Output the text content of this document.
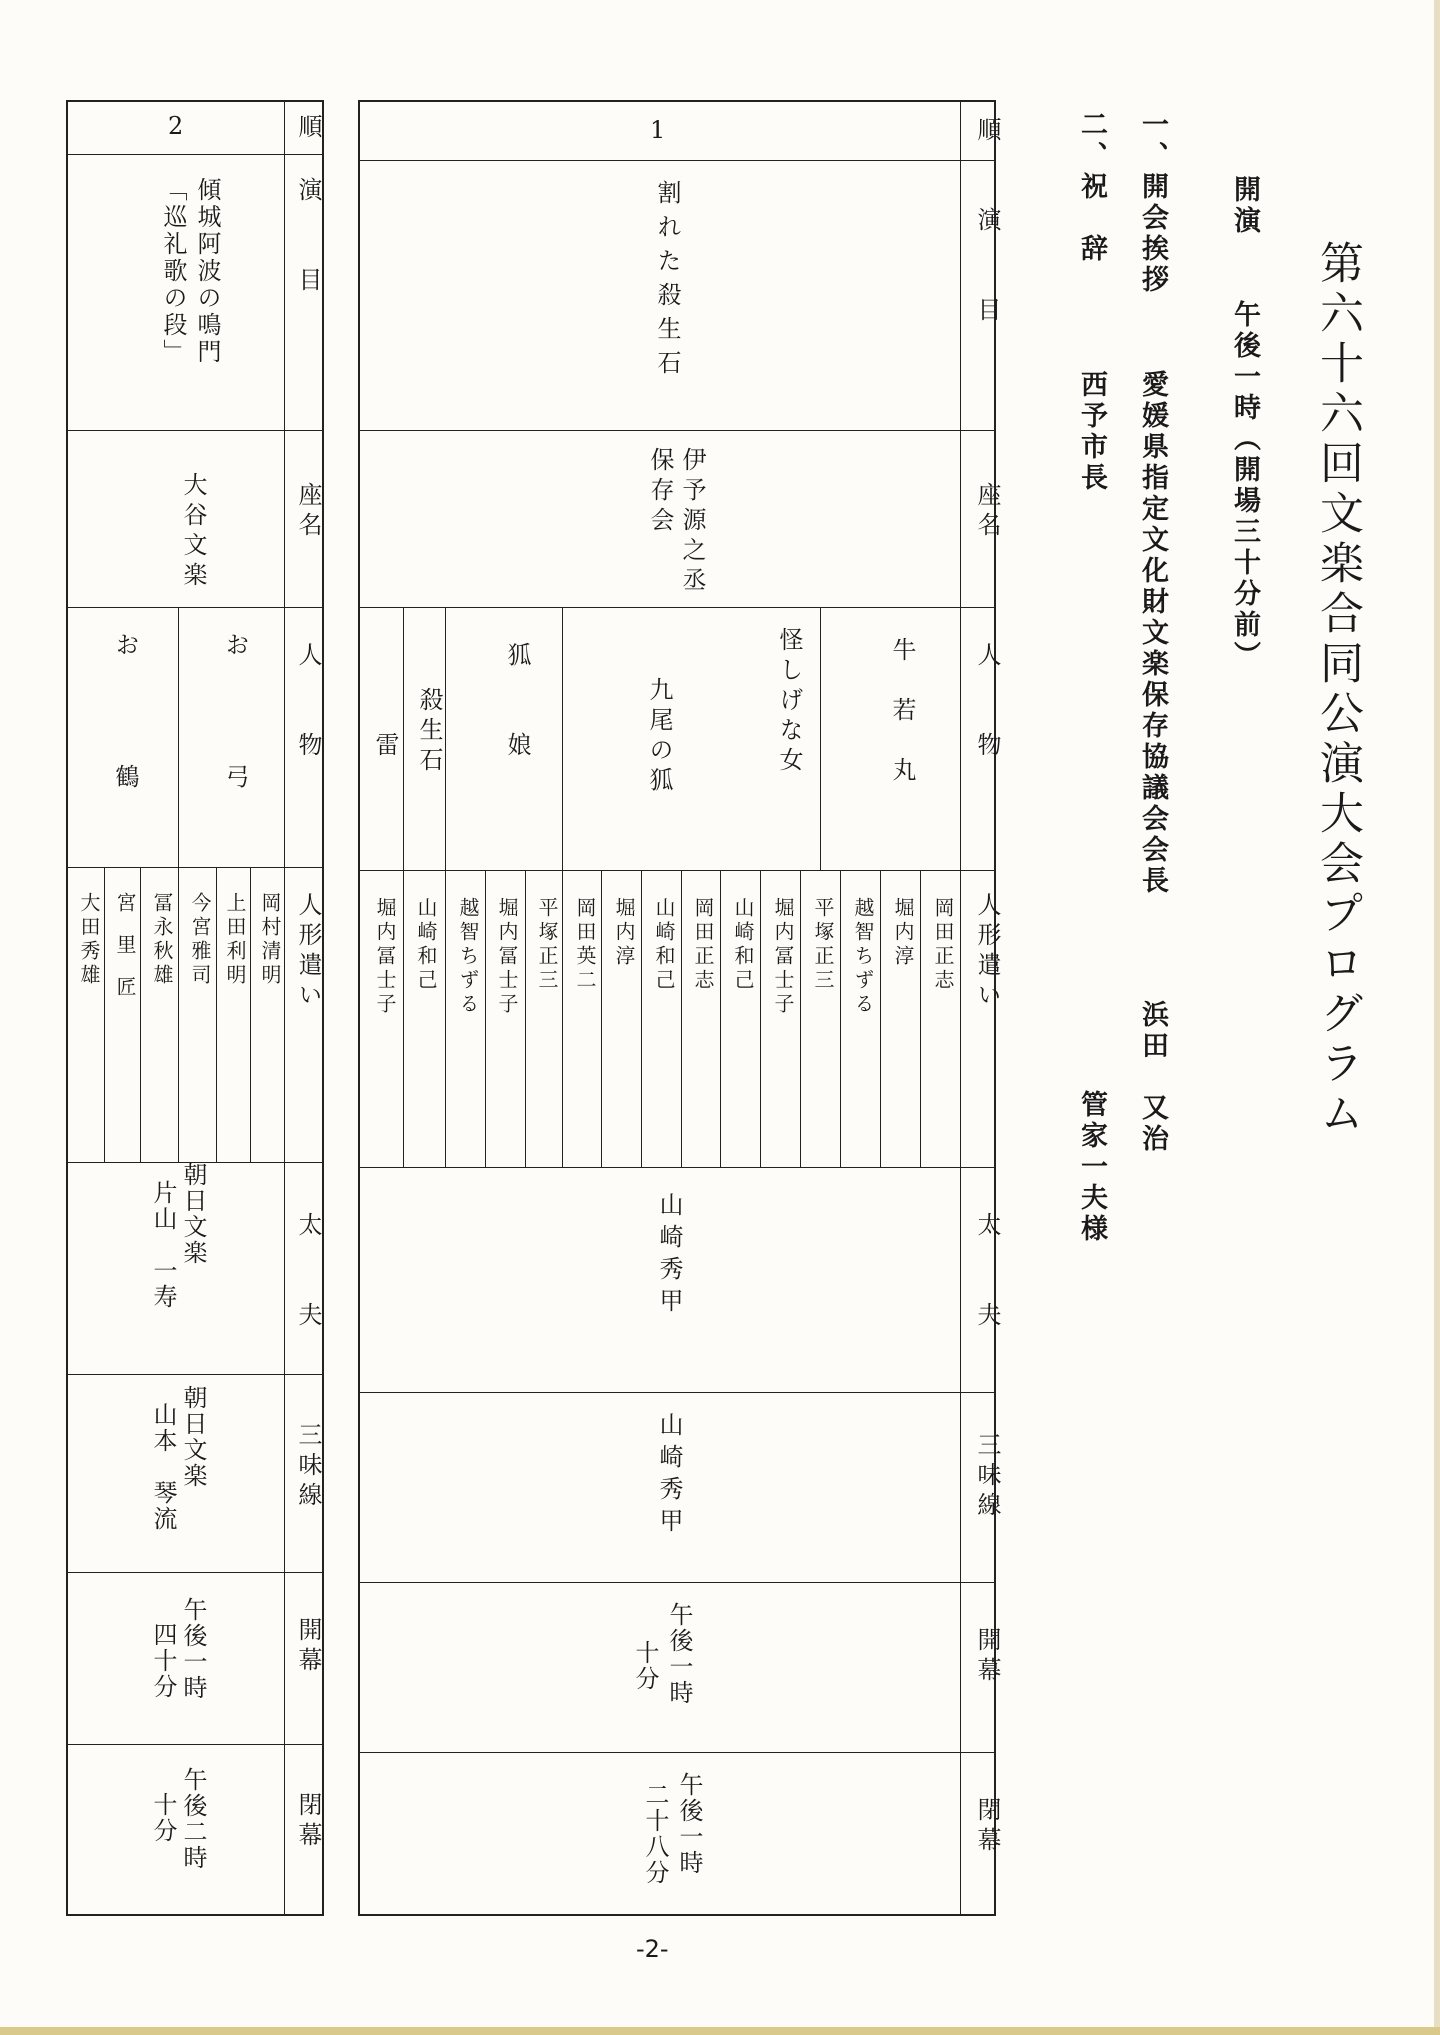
第六十六回文楽合同公演大会プログラム
開演
午後一時（開場三十分前）
一、開会挨拶
愛媛県指定文化財文楽保存協議会会長
浜田　又治
二、祝　辞
西予市長
管家一夫様
順
演　　目
座名
人　　物
人形遣い
太　　夫
三味線
開幕
閉幕
1
割れた殺生石
伊予源之丞
保存会
牛　若　丸
怪しげな女
九尾の狐
狐　　娘
殺生石
雷
岡田正志
堀内淳
越智ちずる
平塚正三
堀内冨士子
山崎和己
岡田正志
山崎和己
堀内淳
岡田英二
平塚正三
堀内冨士子
越智ちずる
山崎和己
堀内冨士子
山崎秀甲
山崎秀甲
午後一時
十分
午後一時
二十八分
順
演　　目
座名
人　　物
人形遣い
太　　夫
三味線
開幕
閉幕
2
傾城阿波の鳴門
「巡礼歌の段」
大谷文楽
お　　弓
お　　鶴
岡村清明
上田利明
今宮雅司
冨永秋雄
宮里匠
大田秀雄
朝日文楽
片山　一寿
朝日文楽
山本　琴流
午後一時
四十分
午後二時
十分
-2-
